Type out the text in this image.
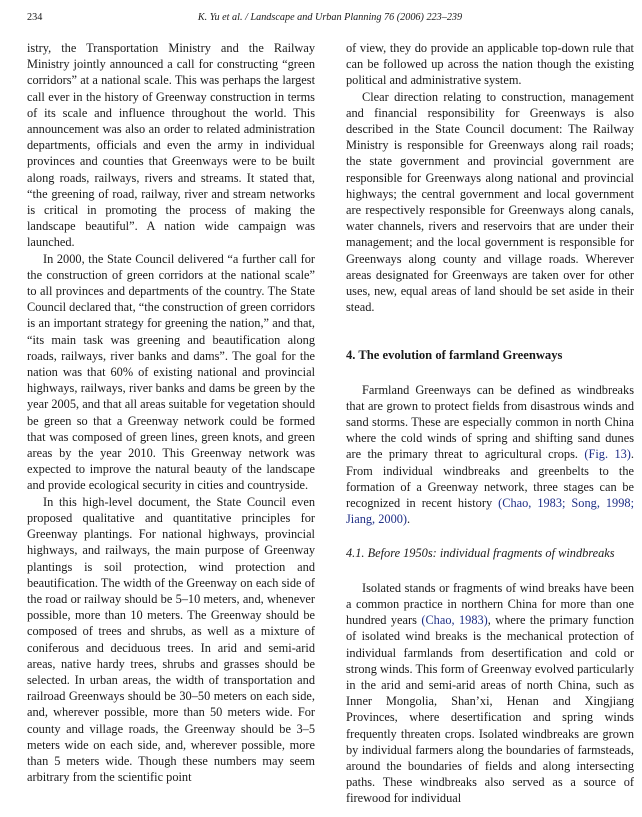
234	K. Yu et al. / Landscape and Urban Planning 76 (2006) 223–239

istry, the Transportation Ministry and the Railway Ministry jointly announced a call for constructing “green corridors” at a national scale. This was perhaps the largest call ever in the history of Greenway construction in terms of its scale and influence throughout the world. This announcement was also an order to related administration departments, officials and even the army in individual provinces and counties that Greenways were to be built along roads, railways, rivers and streams. It stated that, “the greening of road, railway, river and stream networks is critical in promoting the process of making the landscape beautiful”. A nation wide campaign was launched.

In 2000, the State Council delivered “a further call for the construction of green corridors at the national scale” to all provinces and departments of the country. The State Council declared that, “the construction of green corridors is an important strategy for greening the nation,” and that, “its main task was greening and beautification along roads, railways, river banks and dams”. The goal for the nation was that 60% of existing national and provincial highways, railways, river banks and dams be green by the year 2005, and that all areas suitable for vegetation should be green so that a Greenway network could be formed that was composed of green lines, green knots, and green areas by the year 2010. This Greenway network was expected to improve the natural beauty of the landscape and provide ecological security in cities and countryside.

In this high-level document, the State Council even proposed qualitative and quantitative principles for Greenway plantings. For national highways, provincial highways, and railways, the main purpose of Greenway plantings is soil protection, wind protection and beautification. The width of the Greenway on each side of the road or railway should be 5–10 meters, and, whenever possible, more than 10 meters. The Greenway should be composed of trees and shrubs, as well as a mixture of coniferous and deciduous trees. In arid and semi-arid areas, native hardy trees, shrubs and grasses should be selected. In urban areas, the width of transportation and railroad Greenways should be 30–50 meters on each side, and, wherever possible, more than 50 meters wide. For county and village roads, the Greenway should be 3–5 meters wide on each side, and, wherever possible, more than 5 meters wide. Though these numbers may seem arbitrary from the scientific point

of view, they do provide an applicable top-down rule that can be followed up across the nation though the existing political and administrative system.

Clear direction relating to construction, management and financial responsibility for Greenways is also described in the State Council document: The Railway Ministry is responsible for Greenways along rail roads; the state government and provincial government are responsible for Greenways along national and provincial highways; the central government and local government are respectively responsible for Greenways along canals, water channels, rivers and reservoirs that are under their management; and the local government is responsible for Greenways along county and village roads. Wherever areas designated for Greenways are taken over for other uses, new, equal areas of land should be set aside in their stead.

4. The evolution of farmland Greenways

Farmland Greenways can be defined as windbreaks that are grown to protect fields from disastrous winds and sand storms. These are especially common in north China where the cold winds of spring and shifting sand dunes are the primary threat to agricultural crops. (Fig. 13). From individual windbreaks and greenbelts to the formation of a Greenway network, three stages can be recognized in recent history (Chao, 1983; Song, 1998; Jiang, 2000).

4.1. Before 1950s: individual fragments of windbreaks

Isolated stands or fragments of wind breaks have been a common practice in northern China for more than one hundred years (Chao, 1983), where the primary function of isolated wind breaks is the mechanical protection of individual farmlands from desertification and cold or strong winds. This form of Greenway evolved particularly in the arid and semi-arid areas of north China, such as Inner Mongolia, Shan’xi, Henan and Xingjiang Provinces, where desertification and spring winds frequently threaten crops. Isolated windbreaks are grown by individual farmers along the boundaries of farmsteads, around the boundaries of fields and along intersecting paths. These windbreaks also served as a source of firewood for individual
